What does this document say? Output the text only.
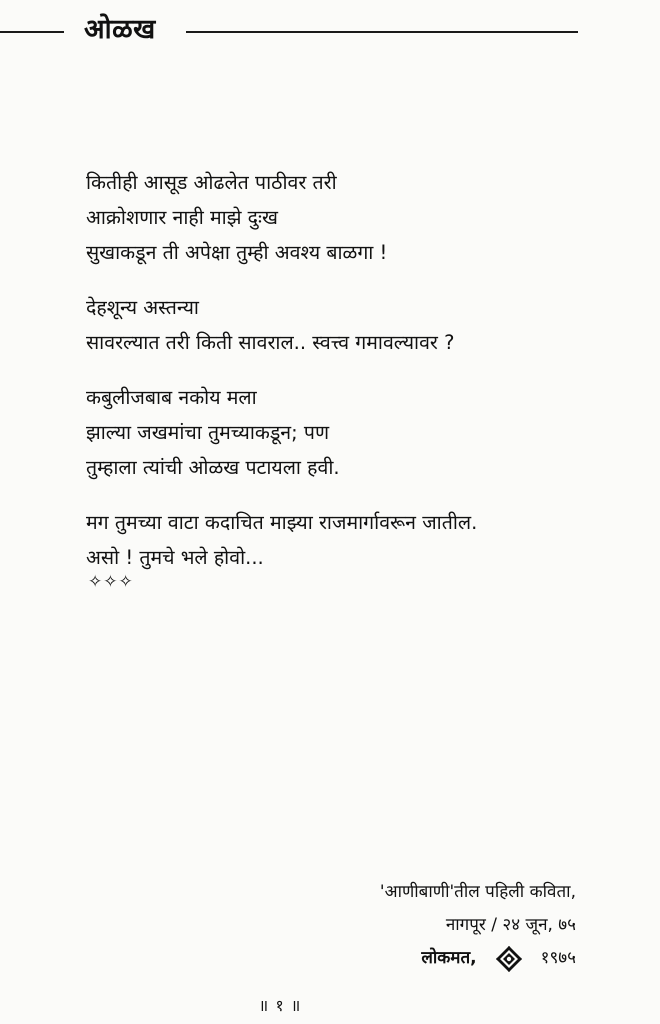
ओळख
कितीही आसूड ओढलेत पाठीवर तरी
आक्रोशणार नाही माझे दुःख
सुखाकडून ती अपेक्षा तुम्ही अवश्य बाळगा !
देहशून्य अस्तन्या
सावरल्यात तरी किती सावराल.. स्वत्त्व गमावल्यावर ?
कबुलीजबाब नकोय मला
झाल्या जखमांचा तुमच्याकडून; पण
तुम्हाला त्यांची ओळख पटायला हवी.
मग तुमच्या वाटा कदाचित माझ्या राजमार्गावरून जातील.
असो ! तुमचे भले होवो...
✧✧✧
'आणीबाणी'तील पहिली कविता,
नागपूर / २४ जून, ७५
लोकमत,	१९७५
॥ १ ॥
